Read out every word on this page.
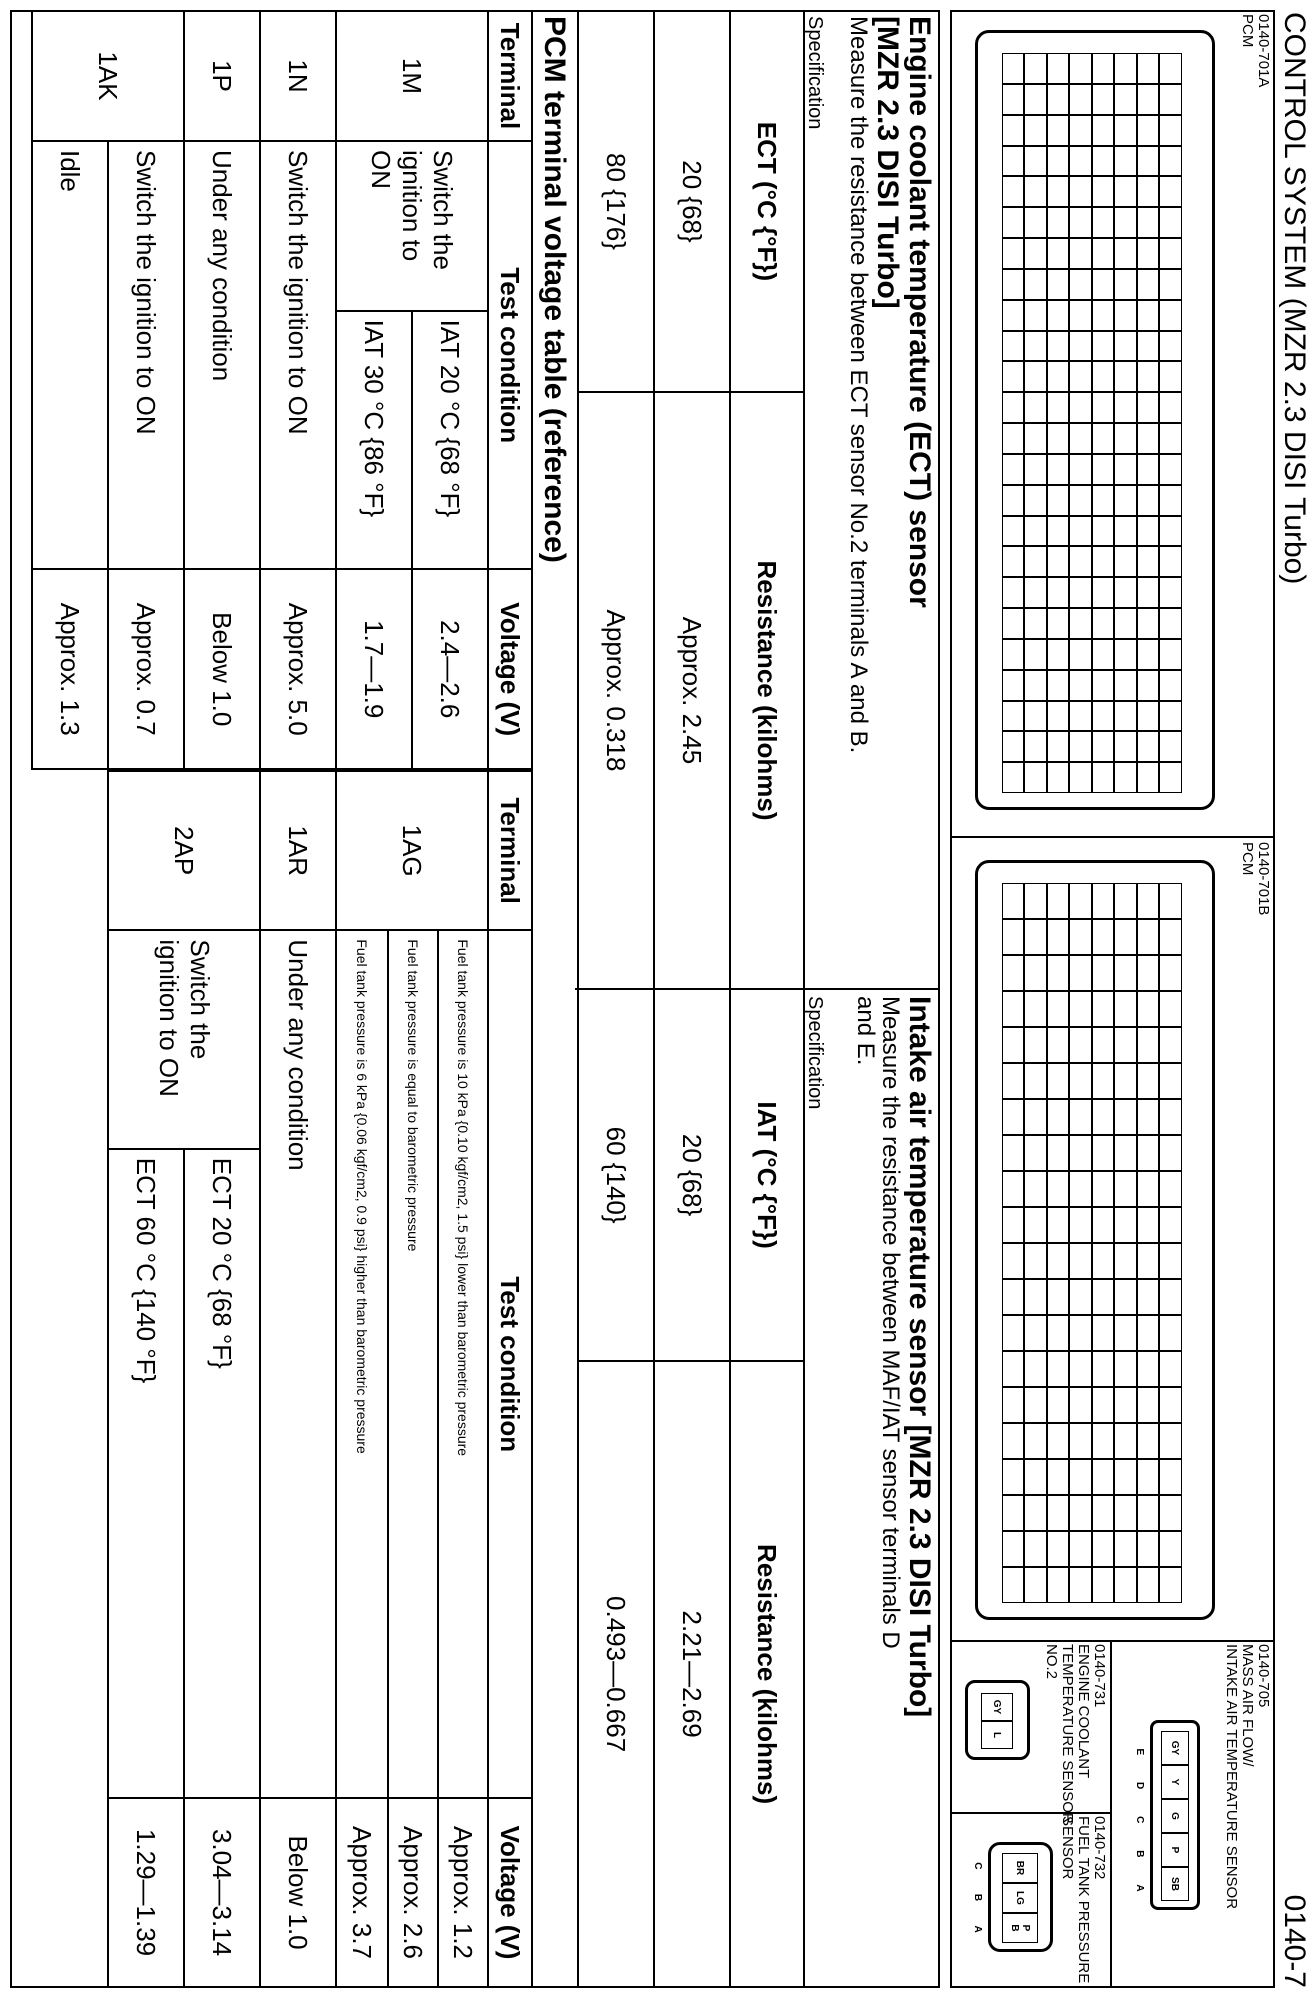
CONTROL SYSTEM (MZR 2.3 DISI Turbo)
0140-7
0140-701A
PCM
0140-701B
PCM
0140-705
MASS AIR FLOW/
INTAKE AIR TEMPERATURE SENSOR
GY
Y
G
P
SB
E
D
C
B
A
0140-731
ENGINE COOLANT
TEMPERATURE SENSOR
NO.2
GY
L
0140-732
FUEL TANK PRESSURE
SENSOR
BR
LG
P
B
C
B
A
Engine coolant temperature (ECT) sensor
[MZR 2.3 DISI Turbo]
Measure the resistance between ECT sensor No.2 terminals A and B.
Specification
ECT (°C {°F})	Resistance (kilohms)
20 {68}	Approx. 2.45
80 {176}	Approx. 0.318
Intake air temperature sensor [MZR 2.3 DISI Turbo]
Measure the resistance between MAF/IAT sensor terminals D
and E.
Specification
IAT (°C {°F})	Resistance (kilohms)
20 {68}	2.21—2.69
60 {140}	0.493—0.667
PCM terminal voltage table (reference)
Terminal	Test condition		Voltage (V)
1M	Switch the
ignition to ON	IAT 20 °C {68 °F}	2.4—2.6
		IAT 30 °C {86 °F}	1.7—1.9
1N	Switch the ignition to ON		Approx. 5.0
1P	Under any condition		Below 1.0
1AK	Switch the ignition to ON		Approx. 0.7
	Idle		Approx. 1.3
Terminal	Test condition		Voltage (V)
1AG	Fuel tank pressure is 10 kPa {0.10 kgf/cm2, 1.5 psi} lower than barometric pressure		Approx. 1.2
	Fuel tank pressure is equal to barometric pressure		Approx. 2.6
	Fuel tank pressure is 6 kPa {0.06 kgf/cm2, 0.9 psi} higher than barometric pressure		Approx. 3.7
1AR	Under any condition		Below 1.0
2AP	Switch the
ignition to ON	ECT 20 °C {68 °F}	3.04—3.14
		ECT 60 °C {140 °F}	1.29—1.39
